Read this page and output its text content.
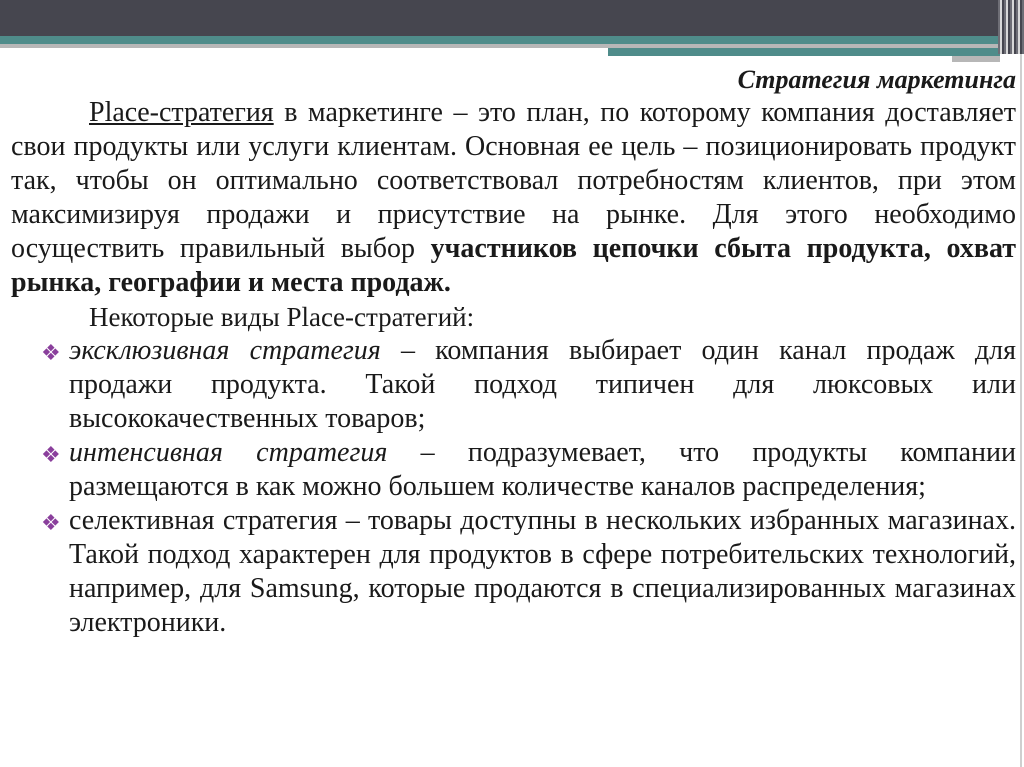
Стратегия маркетинга

Place-стратегия в маркетинге – это план, по которому компания доставляет свои продукты или услуги клиентам. Основная ее цель – позиционировать продукт так, чтобы он оптимально соответствовал потребностям клиентов, при этом максимизируя продажи и присутствие на рынке. Для этого необходимо осуществить правильный выбор участников цепочки сбыта продукта, охват рынка, географии и места продаж.

Некоторые виды Place-стратегий:

❖ эксклюзивная стратегия – компания выбирает один канал продаж для продажи продукта. Такой подход типичен для люксовых или высококачественных товаров;
❖ интенсивная стратегия – подразумевает, что продукты компании размещаются в как можно большем количестве каналов распределения;
❖ селективная стратегия – товары доступны в нескольких избранных магазинах. Такой подход характерен для продуктов в сфере потребительских технологий, например, для Samsung, которые продаются в специализированных магазинах электроники.
